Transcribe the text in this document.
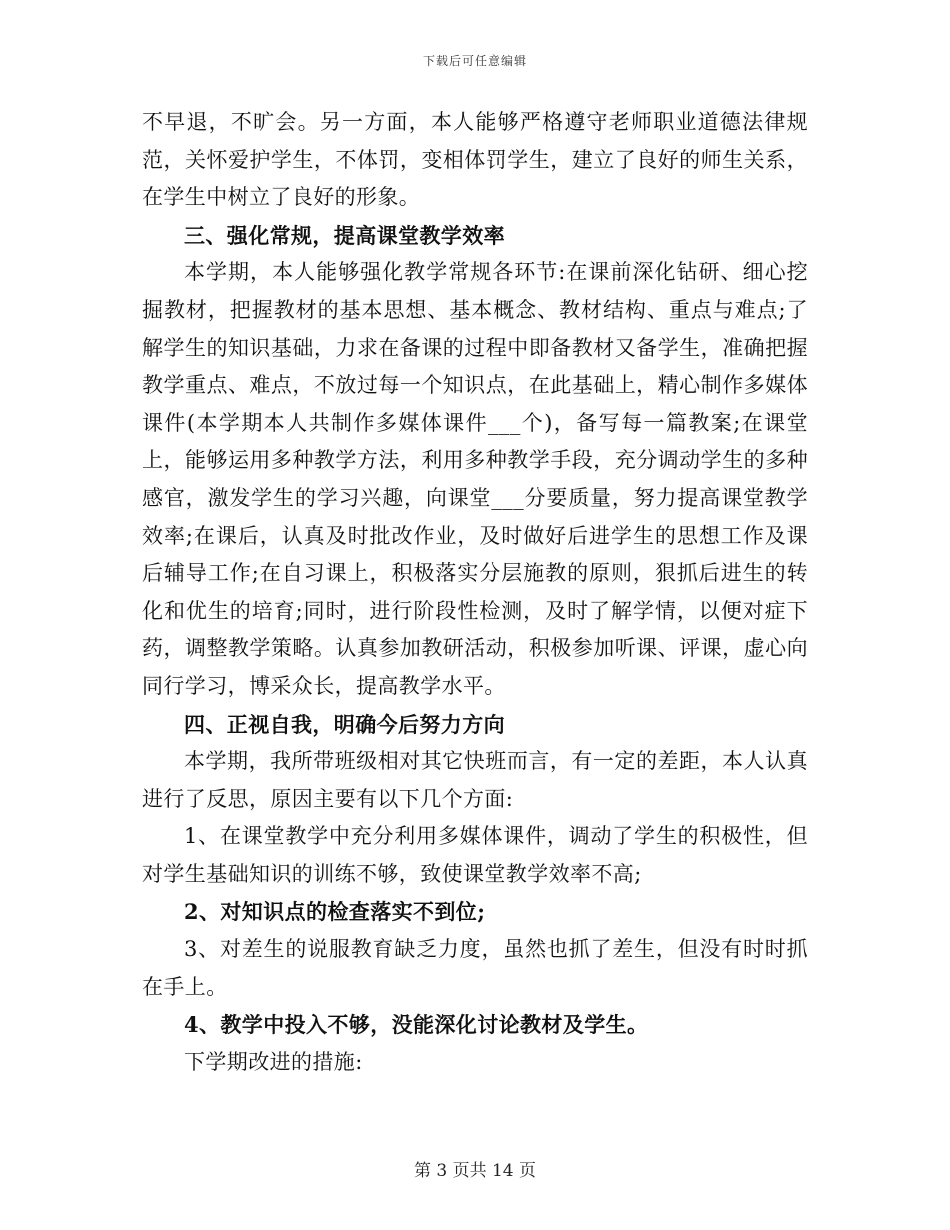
下载后可任意编辑

不早退，不旷会。另一方面，本人能够严格遵守老师职业道德法律规范，关怀爱护学生，不体罚，变相体罚学生，建立了良好的师生关系，在学生中树立了良好的形象。

三、强化常规，提高课堂教学效率

本学期，本人能够强化教学常规各环节:在课前深化钻研、细心挖掘教材，把握教材的基本思想、基本概念、教材结构、重点与难点;了解学生的知识基础，力求在备课的过程中即备教材又备学生，准确把握教学重点、难点，不放过每一个知识点，在此基础上，精心制作多媒体课件(本学期本人共制作多媒体课件___个)，备写每一篇教案;在课堂上，能够运用多种教学方法，利用多种教学手段，充分调动学生的多种感官，激发学生的学习兴趣，向课堂___分要质量，努力提高课堂教学效率;在课后，认真及时批改作业，及时做好后进学生的思想工作及课后辅导工作;在自习课上，积极落实分层施教的原则，狠抓后进生的转化和优生的培育;同时，进行阶段性检测，及时了解学情，以便对症下药，调整教学策略。认真参加教研活动，积极参加听课、评课，虚心向同行学习，博采众长，提高教学水平。

四、正视自我，明确今后努力方向

本学期，我所带班级相对其它快班而言，有一定的差距，本人认真进行了反思，原因主要有以下几个方面:

1、在课堂教学中充分利用多媒体课件，调动了学生的积极性，但对学生基础知识的训练不够，致使课堂教学效率不高;

2、对知识点的检查落实不到位;

3、对差生的说服教育缺乏力度，虽然也抓了差生，但没有时时抓在手上。

4、教学中投入不够，没能深化讨论教材及学生。

下学期改进的措施:

第 3 页共 14 页
